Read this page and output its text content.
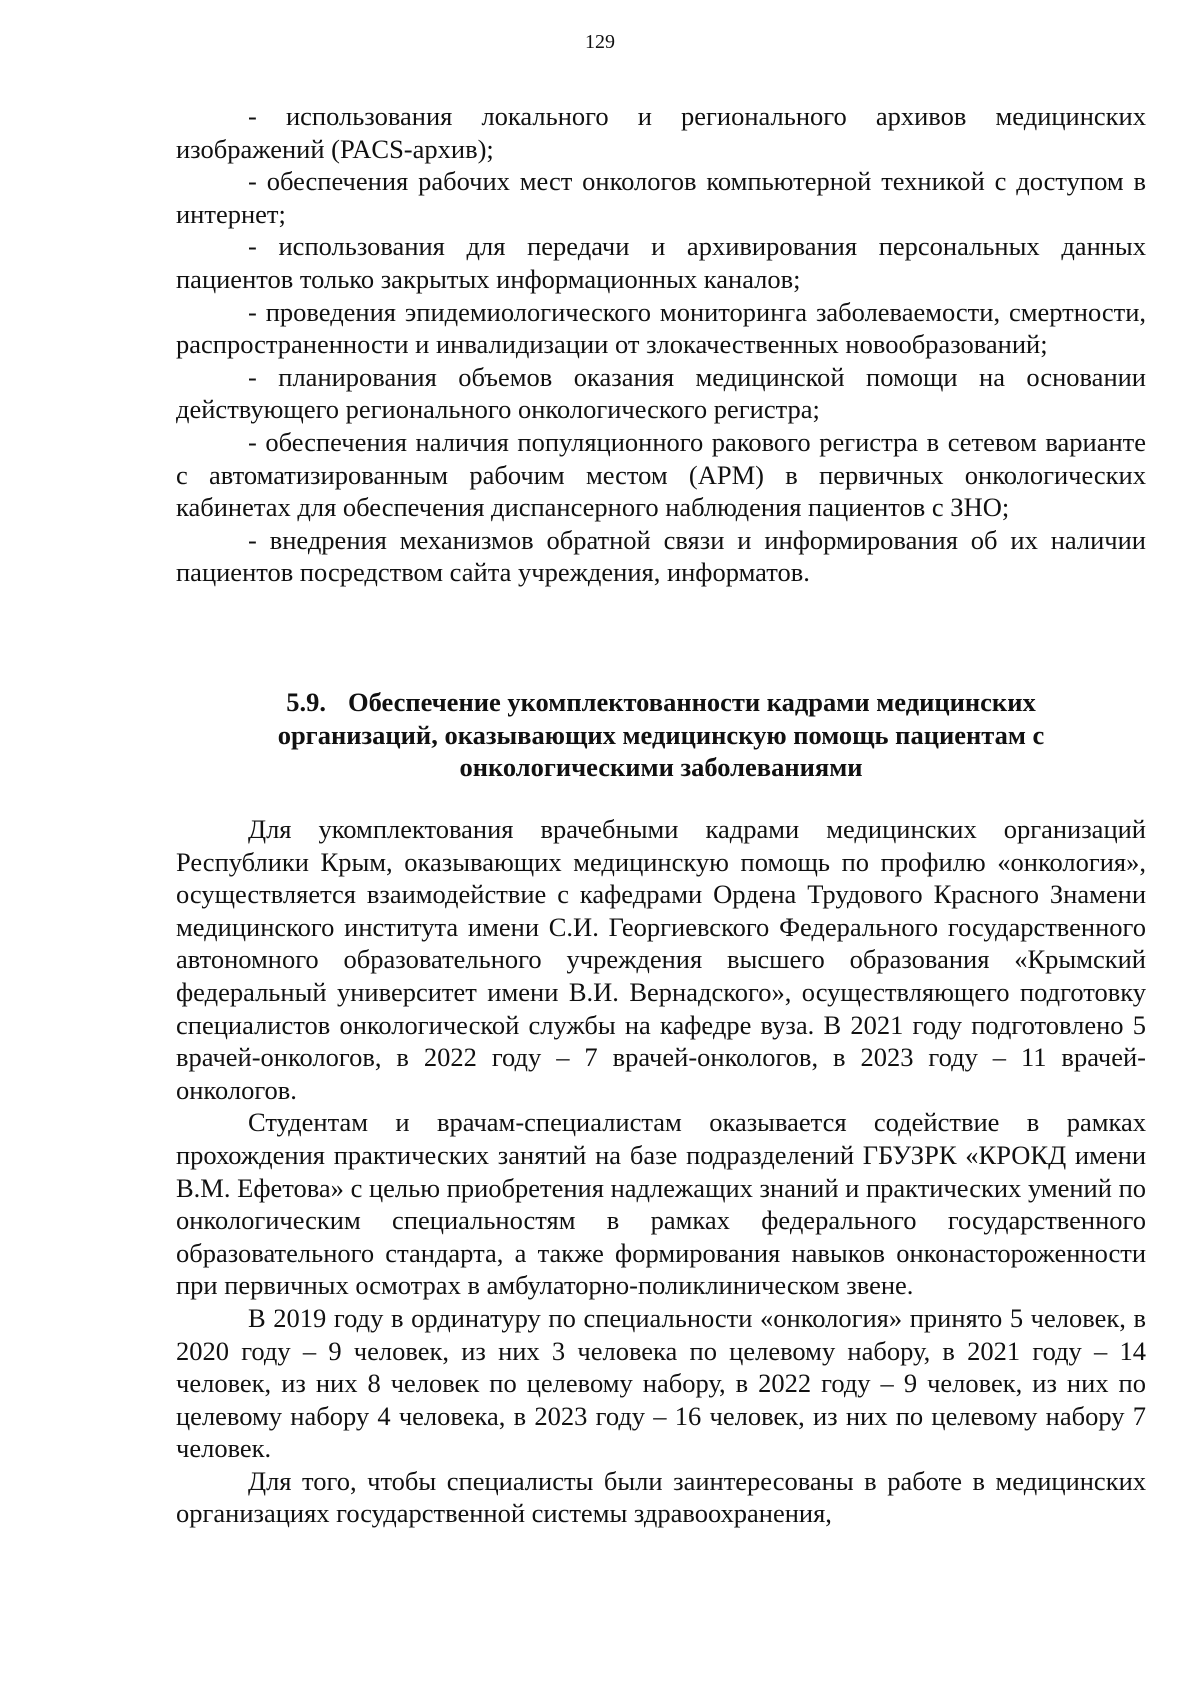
129

- использования локального и регионального архивов медицинских изображений (PACS-архив);

- обеспечения рабочих мест онкологов компьютерной техникой с доступом в интернет;

- использования для передачи и архивирования персональных данных пациентов только закрытых информационных каналов;

- проведения эпидемиологического мониторинга заболеваемости, смертности, распространенности и инвалидизации от злокачественных новообразований;

- планирования объемов оказания медицинской помощи на основании действующего регионального онкологического регистра;

- обеспечения наличия популяционного ракового регистра в сетевом варианте с автоматизированным рабочим местом (АРМ) в первичных онкологических кабинетах для обеспечения диспансерного наблюдения пациентов с ЗНО;

- внедрения механизмов обратной связи и информирования об их наличии пациентов посредством сайта учреждения, информатов.

5.9. Обеспечение укомплектованности кадрами медицинских
организаций, оказывающих медицинскую помощь пациентам с
онкологическими заболеваниями

Для укомплектования врачебными кадрами медицинских организаций Республики Крым, оказывающих медицинскую помощь по профилю «онкология», осуществляется взаимодействие с кафедрами Ордена Трудового Красного Знамени медицинского института имени С.И. Георгиевского Федерального государственного автономного образовательного учреждения высшего образования «Крымский федеральный университет имени В.И. Вернадского», осуществляющего подготовку специалистов онкологической службы на кафедре вуза. В 2021 году подготовлено 5 врачей-онкологов, в 2022 году – 7 врачей-онкологов, в 2023 году – 11 врачей-онкологов.

Студентам и врачам-специалистам оказывается содействие в рамках прохождения практических занятий на базе подразделений ГБУЗРК «КРОКД имени В.М. Ефетова» с целью приобретения надлежащих знаний и практических умений по онкологическим специальностям в рамках федерального государственного образовательного стандарта, а также формирования навыков онконастороженности при первичных осмотрах в амбулаторно-поликлиническом звене.

В 2019 году в ординатуру по специальности «онкология» принято 5 человек, в 2020 году – 9 человек, из них 3 человека по целевому набору, в 2021 году – 14 человек, из них 8 человек по целевому набору, в 2022 году – 9 человек, из них по целевому набору 4 человека, в 2023 году – 16 человек, из них по целевому набору 7 человек.

Для того, чтобы специалисты были заинтересованы в работе в медицинских организациях государственной системы здравоохранения,
